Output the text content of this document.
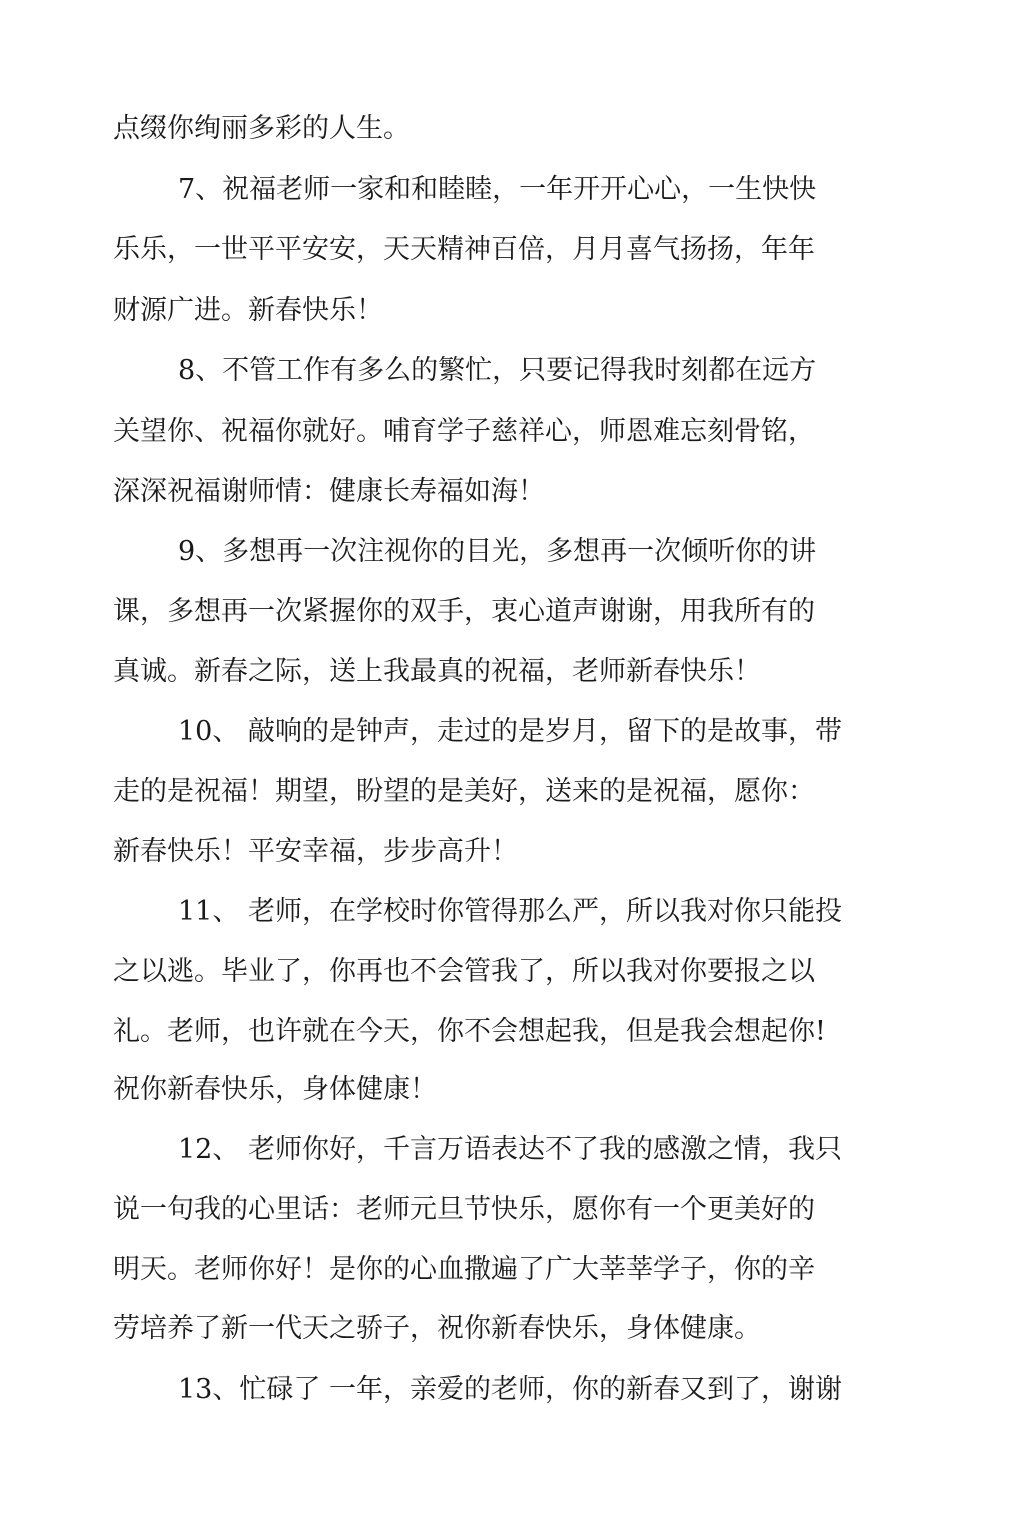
点缀你绚丽多彩的人生。
7、祝福老师一家和和睦睦，一年开开心心，一生快快
乐乐，一世平平安安，天天精神百倍，月月喜气扬扬，年年
财源广进。新春快乐！
8、不管工作有多么的繁忙，只要记得我时刻都在远方
关望你、祝福你就好。哺育学子慈祥心，师恩难忘刻骨铭，
深深祝福谢师情：健康长寿福如海！
9、多想再一次注视你的目光，多想再一次倾听你的讲
课，多想再一次紧握你的双手，衷心道声谢谢，用我所有的
真诚。新春之际，送上我最真的祝福，老师新春快乐！
10、 敲响的是钟声，走过的是岁月，留下的是故事，带
走的是祝福！期望，盼望的是美好，送来的是祝福，愿你：
新春快乐！平安幸福，步步高升！
11、 老师，在学校时你管得那么严，所以我对你只能投
之以逃。毕业了，你再也不会管我了，所以我对你要报之以
礼。老师，也许就在今天，你不会想起我，但是我会想起你!
祝你新春快乐，身体健康！
12、 老师你好，千言万语表达不了我的感激之情，我只
说一句我的心里话：老师元旦节快乐，愿你有一个更美好的
明天。老师你好！是你的心血撒遍了广大莘莘学子，你的辛
劳培养了新一代天之骄子，祝你新春快乐，身体健康。
13、忙碌了 一年，亲爱的老师，你的新春又到了，谢谢
